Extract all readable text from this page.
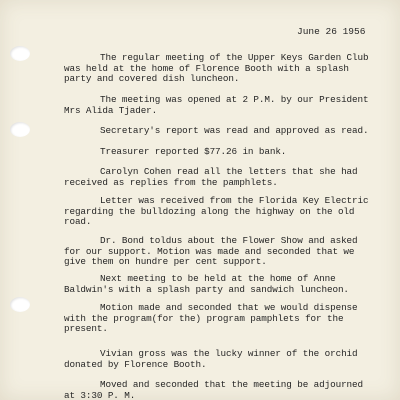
June 26 1956

The regular meeting of the Upper Keys Garden Club
was held at the home of Florence Booth with a splash
party and covered dish luncheon.

The meeting was opened at 2 P.M. by our President
Mrs Alida Tjader.

Secretary's report was read and approved as read.

Treasurer reported $77.26 in bank.

Carolyn Cohen read all the letters that she had
received as replies from the pamphlets.

Letter was received from the Florida Key Electric
regarding the bulldozing along the highway on the old
road.

Dr. Bond toldus about the Flower Show and asked
for our support. Motion was made and seconded that we
give them on hundre per cent support.

Next meeting to be held at the home of Anne
Baldwin's with a splash party and sandwich luncheon.

Motion made and seconded that we would dispense
with the program(for the) program pamphlets for the
present.

Vivian gross was the lucky winner of the orchid
donated by Florence Booth.

Moved and seconded that the meeting be adjourned
at 3:30 P. M.
